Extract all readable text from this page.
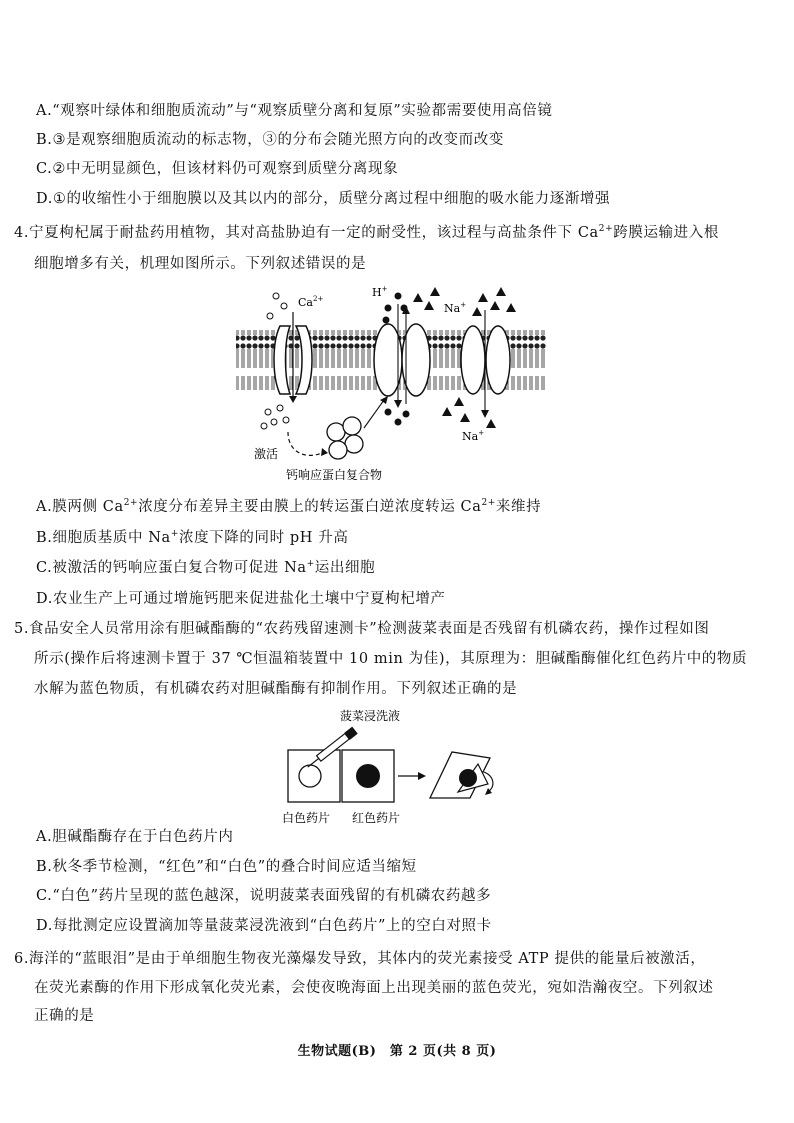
A.“观察叶绿体和细胞质流动”与“观察质壁分离和复原”实验都需要使用高倍镜
B.③是观察细胞质流动的标志物，③的分布会随光照方向的改变而改变
C.②中无明显颜色，但该材料仍可观察到质壁分离现象
D.①的收缩性小于细胞膜以及其以内的部分，质壁分离过程中细胞的吸水能力逐渐增强
4.宁夏枸杞属于耐盐药用植物，其对高盐胁迫有一定的耐受性，该过程与高盐条件下 $Ca^{2+}$跨膜运输进入根
细胞增多有关，机理如图所示。下列叙述错误的是
$Ca^{2+}$	H+
Na+
Na+
激活
钙响应蛋白复合物
A.膜两侧 $Ca^{2+}$浓度分布差异主要由膜上的转运蛋白逆浓度转运 $Ca^{2+}$来维持
B.细胞质基质中 Na+浓度下降的同时 pH 升高
C.被激活的钙响应蛋白复合物可促进 Na+运出细胞
D.农业生产上可通过增施钙肥来促进盐化土壤中宁夏枸杞增产
5.食品安全人员常用涂有胆碱酯酶的“农药残留速测卡”检测菠菜表面是否残留有机磷农药，操作过程如图
所示(操作后将速测卡置于 37 ℃恒温箱装置中 10 min 为佳)，其原理为：胆碱酯酶催化红色药片中的物质
水解为蓝色物质，有机磷农药对胆碱酯酶有抑制作用。下列叙述正确的是
菠菜浸洗液
白色药片 红色药片
A.胆碱酯酶存在于白色药片内
B.秋冬季节检测，“红色”和“白色”的叠合时间应适当缩短
C.“白色”药片呈现的蓝色越深，说明菠菜表面残留的有机磷农药越多
D.每批测定应设置滴加等量菠菜浸洗液到“白色药片”上的空白对照卡
6.海洋的“蓝眼泪”是由于单细胞生物夜光藻爆发导致，其体内的荧光素接受 ATP 提供的能量后被激活，
在荧光素酶的作用下形成氧化荧光素，会使夜晚海面上出现美丽的蓝色荧光，宛如浩瀚夜空。下列叙述
正确的是
生物试题(B)　第 2 页(共 8 页)
